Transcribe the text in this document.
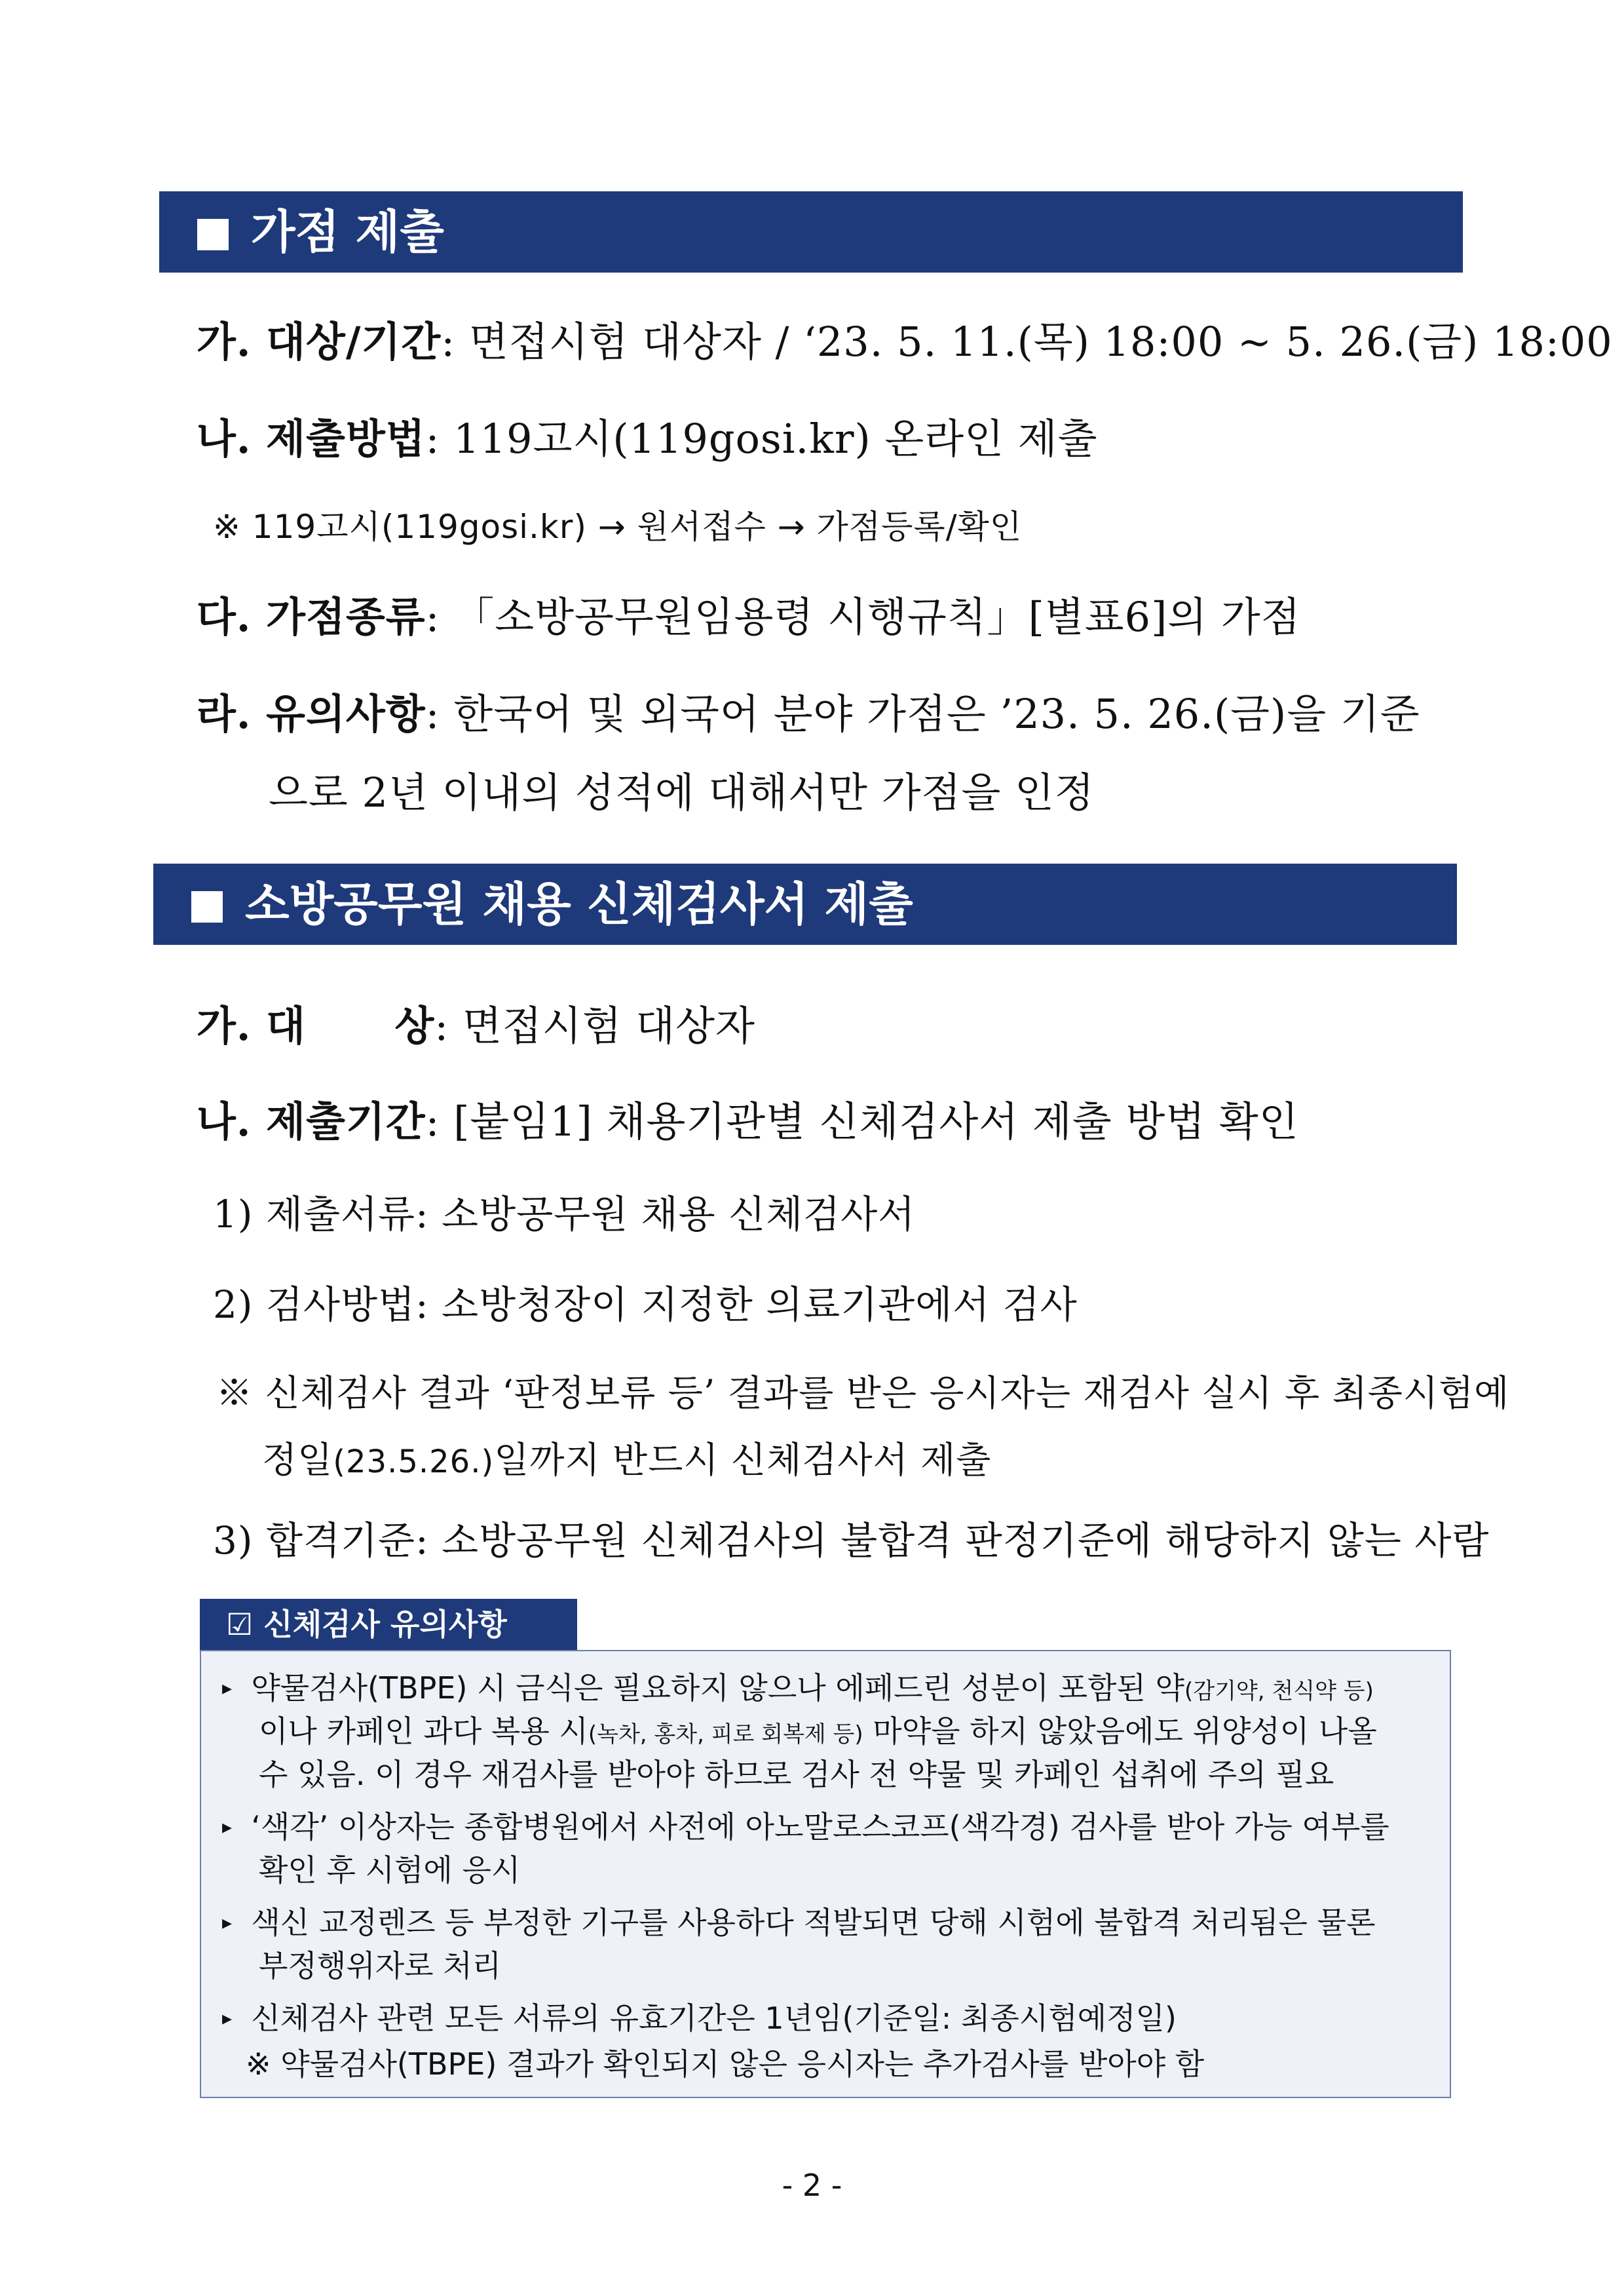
가점 제출
가. 대상/기간: 면접시험 대상자 / ‘23. 5. 11.(목) 18:00 ~ 5. 26.(금) 18:00
나. 제출방법: 119고시(119gosi.kr) 온라인 제출
※ 119고시(119gosi.kr) → 원서접수 → 가점등록/확인
다. 가점종류: 「소방공무원임용령 시행규칙」[별표6]의 가점
라. 유의사항: 한국어 및 외국어 분야 가점은 ’23. 5. 26.(금)을 기준
으로 2년 이내의 성적에 대해서만 가점을 인정
소방공무원 채용 신체검사서 제출
가. 대      상: 면접시험 대상자
나. 제출기간: [붙임1] 채용기관별 신체검사서 제출 방법 확인
1) 제출서류: 소방공무원 채용 신체검사서
2) 검사방법: 소방청장이 지정한 의료기관에서 검사
※ 신체검사 결과 ‘판정보류 등’ 결과를 받은 응시자는 재검사 실시 후 최종시험예
정일(23.5.26.)일까지 반드시 신체검사서 제출
3) 합격기준: 소방공무원 신체검사의 불합격 판정기준에 해당하지 않는 사람
☑ 신체검사 유의사항
▸ 약물검사(TBPE) 시 금식은 필요하지 않으나 에페드린 성분이 포함된 약(감기약, 천식약 등)
이나 카페인 과다 복용 시(녹차, 홍차, 피로 회복제 등) 마약을 하지 않았음에도 위양성이 나올
수 있음. 이 경우 재검사를 받아야 하므로 검사 전 약물 및 카페인 섭취에 주의 필요
▸ ‘색각’ 이상자는 종합병원에서 사전에 아노말로스코프(색각경) 검사를 받아 가능 여부를
확인 후 시험에 응시
▸ 색신 교정렌즈 등 부정한 기구를 사용하다 적발되면 당해 시험에 불합격 처리됨은 물론
부정행위자로 처리
▸ 신체검사 관련 모든 서류의 유효기간은 1년임(기준일: 최종시험예정일)
※ 약물검사(TBPE) 결과가 확인되지 않은 응시자는 추가검사를 받아야 함
- 2 -
